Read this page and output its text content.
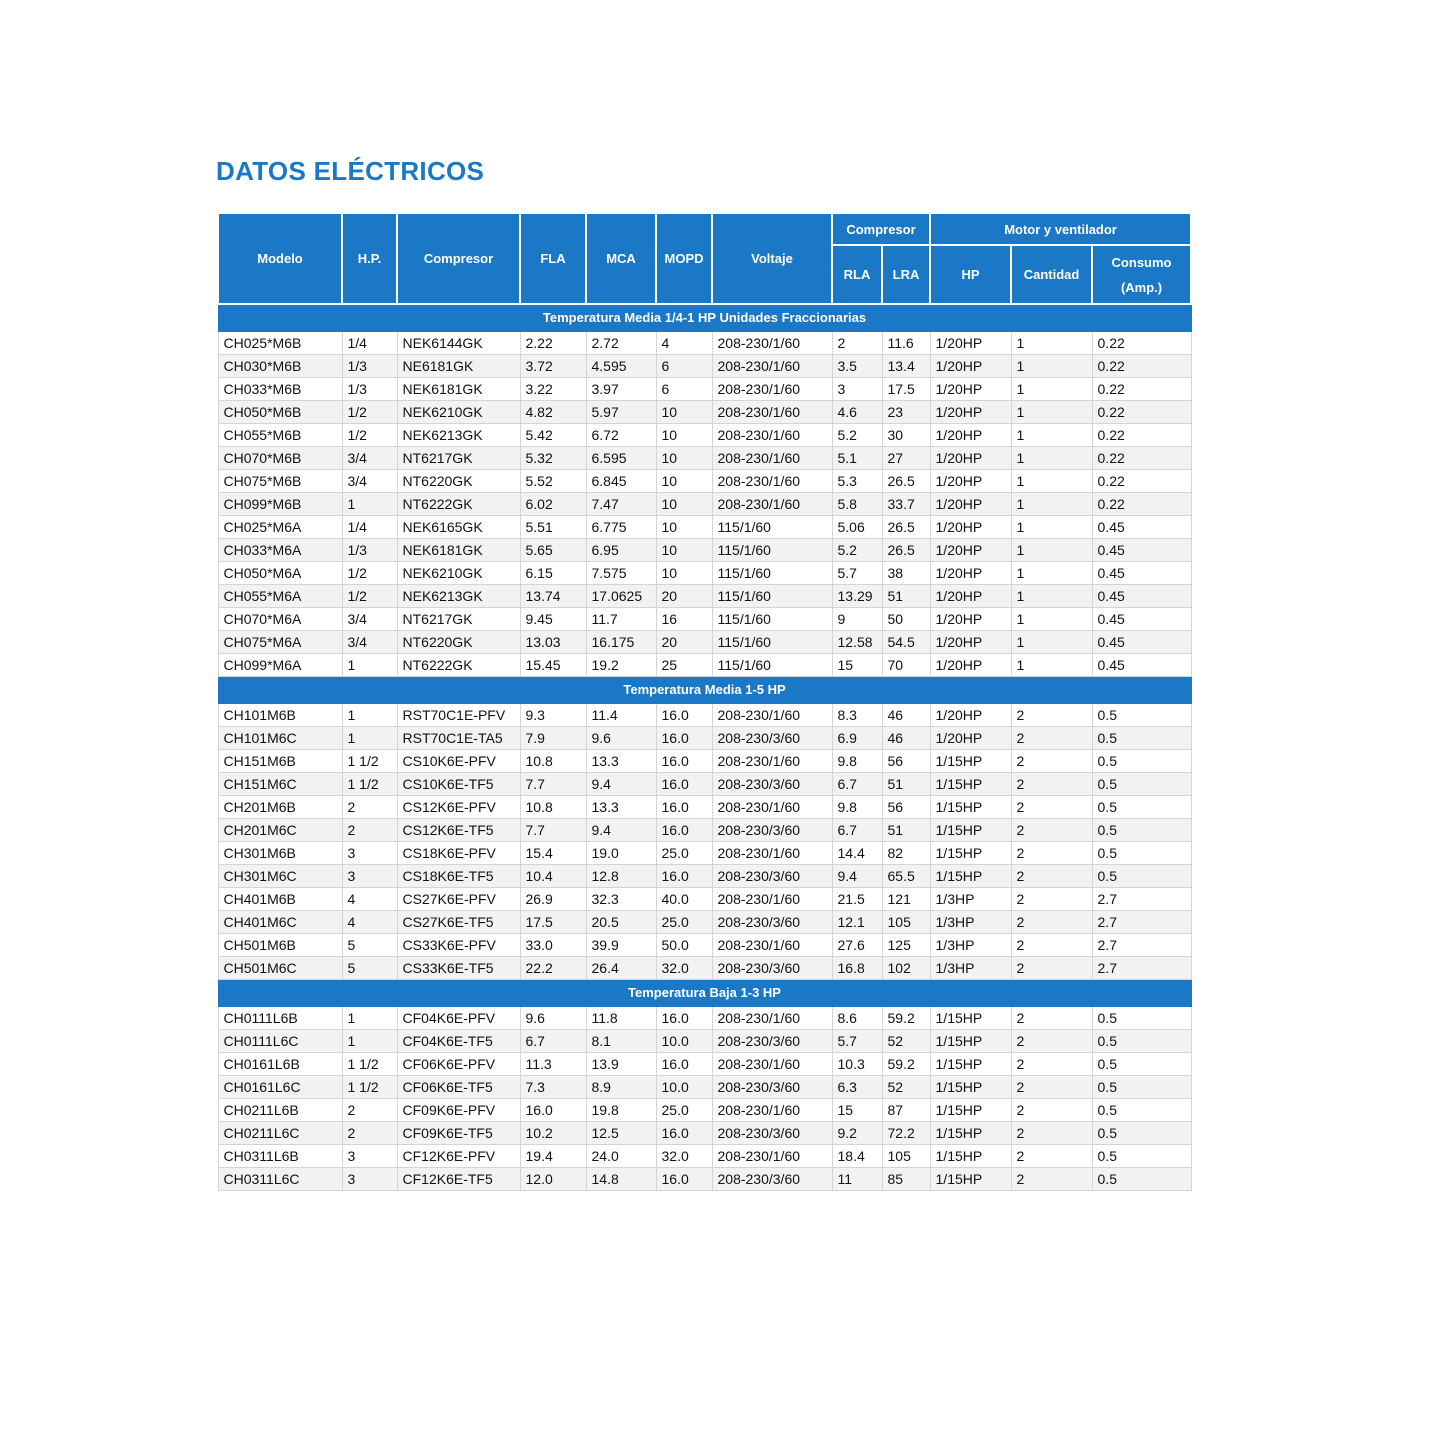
DATOS ELÉCTRICOS
Modelo	H.P.	Compresor	FLA	MCA	MOPD	Voltaje	Compresor		Motor y ventilador		
							RLA	LRA	HP	Cantidad	Consumo (Amp.)
Temperatura Media 1/4-1 HP Unidades Fraccionarias											
CH025*M6B	1/4	NEK6144GK	2.22	2.72	4	208-230/1/60	2	11.6	1/20HP	1	0.22
CH030*M6B	1/3	NE6181GK	3.72	4.595	6	208-230/1/60	3.5	13.4	1/20HP	1	0.22
CH033*M6B	1/3	NEK6181GK	3.22	3.97	6	208-230/1/60	3	17.5	1/20HP	1	0.22
CH050*M6B	1/2	NEK6210GK	4.82	5.97	10	208-230/1/60	4.6	23	1/20HP	1	0.22
CH055*M6B	1/2	NEK6213GK	5.42	6.72	10	208-230/1/60	5.2	30	1/20HP	1	0.22
CH070*M6B	3/4	NT6217GK	5.32	6.595	10	208-230/1/60	5.1	27	1/20HP	1	0.22
CH075*M6B	3/4	NT6220GK	5.52	6.845	10	208-230/1/60	5.3	26.5	1/20HP	1	0.22
CH099*M6B	1	NT6222GK	6.02	7.47	10	208-230/1/60	5.8	33.7	1/20HP	1	0.22
CH025*M6A	1/4	NEK6165GK	5.51	6.775	10	115/1/60	5.06	26.5	1/20HP	1	0.45
CH033*M6A	1/3	NEK6181GK	5.65	6.95	10	115/1/60	5.2	26.5	1/20HP	1	0.45
CH050*M6A	1/2	NEK6210GK	6.15	7.575	10	115/1/60	5.7	38	1/20HP	1	0.45
CH055*M6A	1/2	NEK6213GK	13.74	17.0625	20	115/1/60	13.29	51	1/20HP	1	0.45
CH070*M6A	3/4	NT6217GK	9.45	11.7	16	115/1/60	9	50	1/20HP	1	0.45
CH075*M6A	3/4	NT6220GK	13.03	16.175	20	115/1/60	12.58	54.5	1/20HP	1	0.45
CH099*M6A	1	NT6222GK	15.45	19.2	25	115/1/60	15	70	1/20HP	1	0.45
Temperatura Media 1-5 HP											
CH101M6B	1	RST70C1E-PFV	9.3	11.4	16.0	208-230/1/60	8.3	46	1/20HP	2	0.5
CH101M6C	1	RST70C1E-TA5	7.9	9.6	16.0	208-230/3/60	6.9	46	1/20HP	2	0.5
CH151M6B	1 1/2	CS10K6E-PFV	10.8	13.3	16.0	208-230/1/60	9.8	56	1/15HP	2	0.5
CH151M6C	1 1/2	CS10K6E-TF5	7.7	9.4	16.0	208-230/3/60	6.7	51	1/15HP	2	0.5
CH201M6B	2	CS12K6E-PFV	10.8	13.3	16.0	208-230/1/60	9.8	56	1/15HP	2	0.5
CH201M6C	2	CS12K6E-TF5	7.7	9.4	16.0	208-230/3/60	6.7	51	1/15HP	2	0.5
CH301M6B	3	CS18K6E-PFV	15.4	19.0	25.0	208-230/1/60	14.4	82	1/15HP	2	0.5
CH301M6C	3	CS18K6E-TF5	10.4	12.8	16.0	208-230/3/60	9.4	65.5	1/15HP	2	0.5
CH401M6B	4	CS27K6E-PFV	26.9	32.3	40.0	208-230/1/60	21.5	121	1/3HP	2	2.7
CH401M6C	4	CS27K6E-TF5	17.5	20.5	25.0	208-230/3/60	12.1	105	1/3HP	2	2.7
CH501M6B	5	CS33K6E-PFV	33.0	39.9	50.0	208-230/1/60	27.6	125	1/3HP	2	2.7
CH501M6C	5	CS33K6E-TF5	22.2	26.4	32.0	208-230/3/60	16.8	102	1/3HP	2	2.7
Temperatura Baja 1-3 HP											
CH0111L6B	1	CF04K6E-PFV	9.6	11.8	16.0	208-230/1/60	8.6	59.2	1/15HP	2	0.5
CH0111L6C	1	CF04K6E-TF5	6.7	8.1	10.0	208-230/3/60	5.7	52	1/15HP	2	0.5
CH0161L6B	1 1/2	CF06K6E-PFV	11.3	13.9	16.0	208-230/1/60	10.3	59.2	1/15HP	2	0.5
CH0161L6C	1 1/2	CF06K6E-TF5	7.3	8.9	10.0	208-230/3/60	6.3	52	1/15HP	2	0.5
CH0211L6B	2	CF09K6E-PFV	16.0	19.8	25.0	208-230/1/60	15	87	1/15HP	2	0.5
CH0211L6C	2	CF09K6E-TF5	10.2	12.5	16.0	208-230/3/60	9.2	72.2	1/15HP	2	0.5
CH0311L6B	3	CF12K6E-PFV	19.4	24.0	32.0	208-230/1/60	18.4	105	1/15HP	2	0.5
CH0311L6C	3	CF12K6E-TF5	12.0	14.8	16.0	208-230/3/60	11	85	1/15HP	2	0.5
